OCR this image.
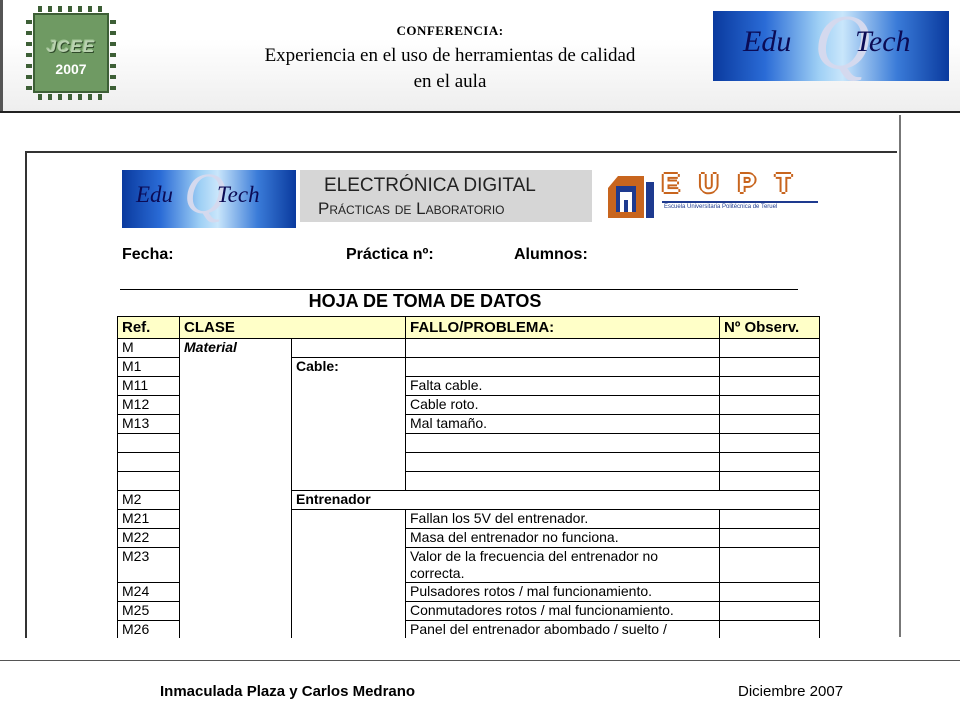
JCEE
2007
CONFERENCIA:
Experiencia en el uso de herramientas de calidad
en el aula
Edu Q
Tech
Edu Q
Tech	ELECTRÓNICA DIGITAL
Prácticas de Laboratorio
EUPT
Escuela Universitaria Politécnica de Teruel
Fecha:	Práctica nº:	Alumnos:
HOJA DE TOMA DE DATOS
Ref.	CLASE		FALLO/PROBLEMA:	Nº Observ.
M	Material			
M1		Cable:		
M11			Falta cable.	
M12			Cable roto.	
M13			Mal tamaño.	

M2		Entrenador		
M21			Fallan los 5V del entrenador.	
M22			Masa del entrenador no funciona.	
M23			Valor de la frecuencia del entrenador no correcta.	
M24			Pulsadores rotos / mal funcionamiento.	
M25			Conmutadores rotos / mal funcionamiento.	
M26			Panel del entrenador abombado / suelto /	
Inmaculada Plaza y Carlos Medrano	Diciembre 2007
